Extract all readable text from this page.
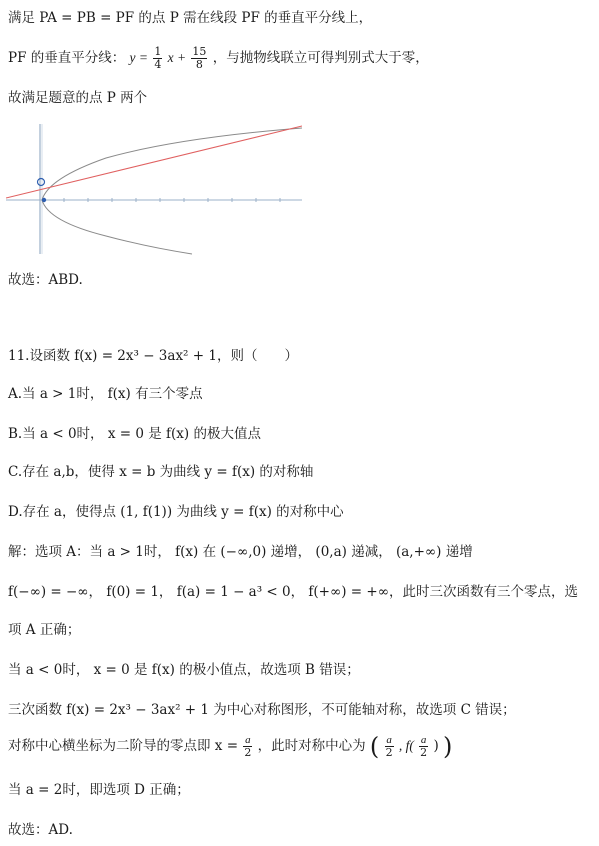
满足 PA = PB = PF 的点 P 需在线段 PF 的垂直平分线上，
PF 的垂直平分线： $y = \frac{1}{4}$ $x + \frac{15}{8}$ ，与抛物线联立可得判别式大于零，
故满足题意的点 P 两个
故选：ABD.
11.设函数 f(x) = 2x³ − 3ax² + 1，则（　　）
A.当 a > 1时， f(x) 有三个零点
B.当 a < 0时， x = 0 是 f(x) 的极大值点
C.存在 a,b，使得 x = b 为曲线 y = f(x) 的对称轴
D.存在 a，使得点 (1, f(1)) 为曲线 y = f(x) 的对称中心
解：选项 A：当 a > 1时， f(x) 在 (−∞,0) 递增， (0,a) 递减， (a,+∞) 递增
f(−∞) = −∞， f(0) = 1， f(a) = 1 − a³ < 0， f(+∞) = +∞，此时三次函数有三个零点，选
项 A 正确；
当 a < 0时， x = 0 是 f(x) 的极小值点，故选项 B 错误；
三次函数 f(x) = 2x³ − 3ax² + 1 为中心对称图形，不可能轴对称，故选项 C 错误；
对称中心横坐标为二阶导的零点即 $x = \frac{a}{2}$ ，此时对称中心为 ( $\frac{a}{2}$ , $f( \frac{a}{2}$ ) )
当 a = 2时，即选项 D 正确；
故选：AD.
